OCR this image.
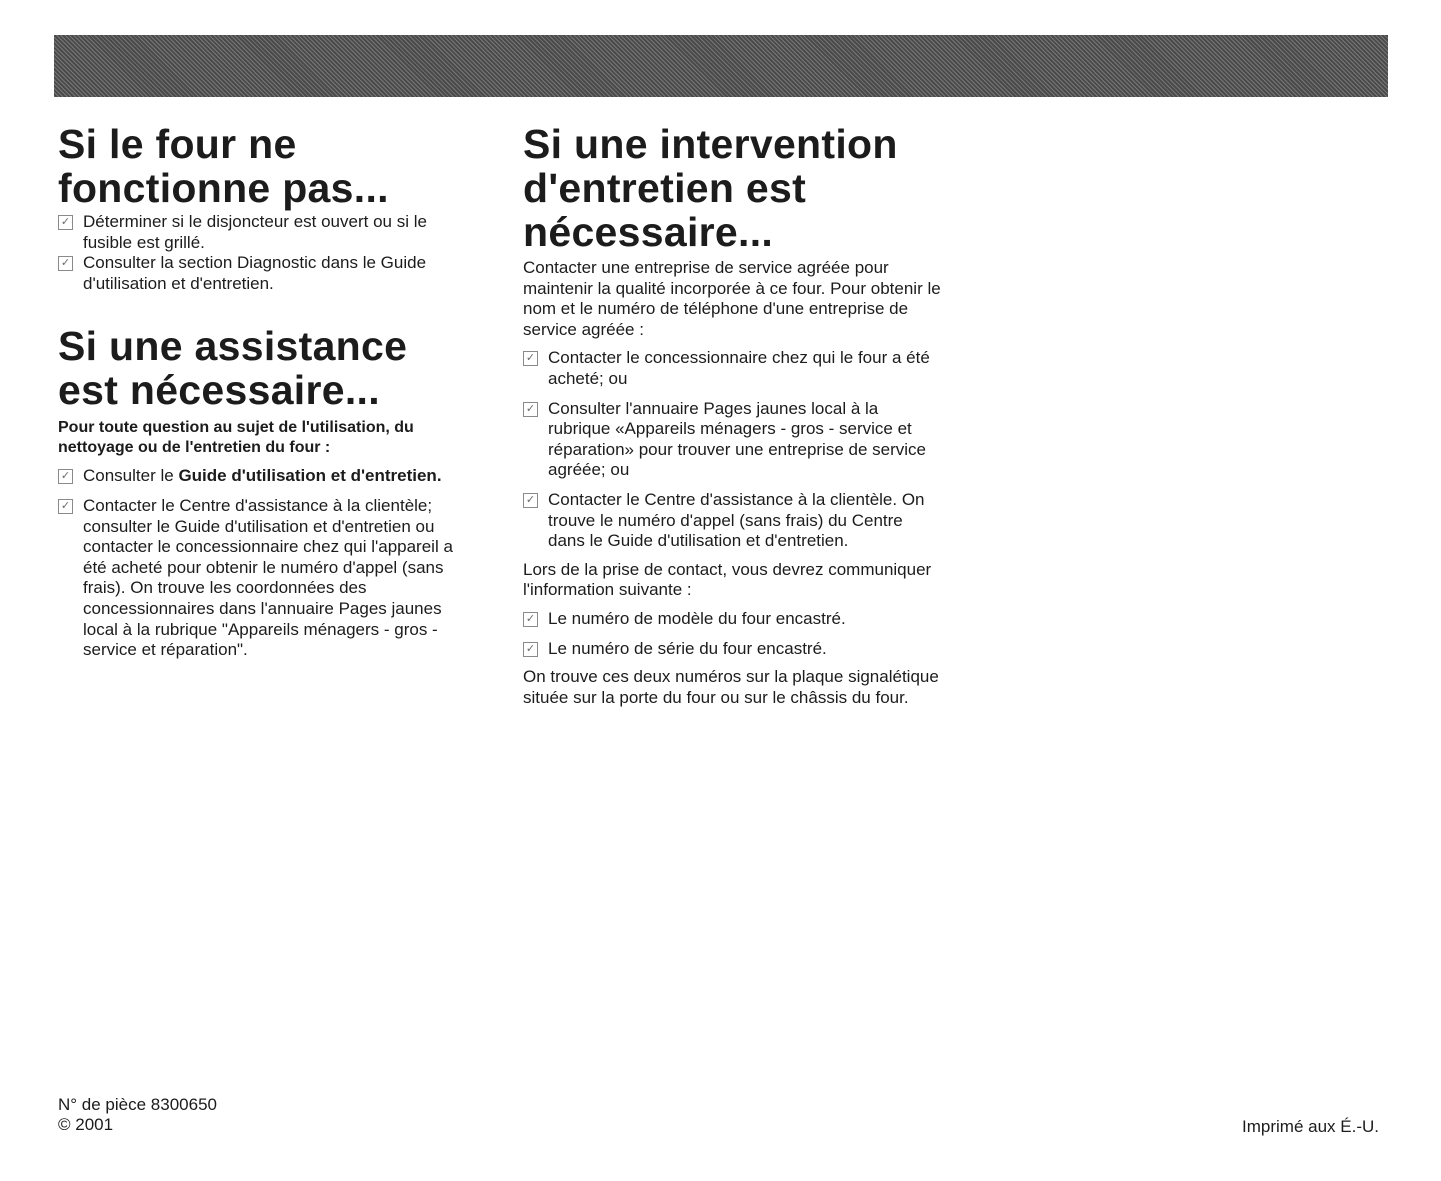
Si le four ne
fonctionne pas...
✓ Déterminer si le disjoncteur est ouvert ou si le fusible est grillé.
✓ Consulter la section Diagnostic dans le Guide d'utilisation et d'entretien.
Si une assistance
est nécessaire...

Pour toute question au sujet de l'utilisation, du nettoyage ou de l'entretien du four :

✓ Consulter le Guide d'utilisation et d'entretien.
✓ Contacter le Centre d'assistance à la clientèle; consulter le Guide d'utilisation et d'entretien ou contacter le concessionnaire chez qui l'appareil a été acheté pour obtenir le numéro d'appel (sans frais). On trouve les coordonnées des concessionnaires dans l'annuaire Pages jaunes local à la rubrique "Appareils ménagers - gros - service et réparation".
Si une intervention
d'entretien est
nécessaire...

Contacter une entreprise de service agréée pour maintenir la qualité incorporée à ce four. Pour obtenir le nom et le numéro de téléphone d'une entreprise de service agréée :

✓ Contacter le concessionnaire chez qui le four a été acheté; ou
✓ Consulter l'annuaire Pages jaunes local à la rubrique «Appareils ménagers - gros - service et réparation» pour trouver une entreprise de service agréée; ou
✓ Contacter le Centre d'assistance à la clientèle. On trouve le numéro d'appel (sans frais) du Centre dans le Guide d'utilisation et d'entretien.

Lors de la prise de contact, vous devrez communiquer l'information suivante :

✓ Le numéro de modèle du four encastré.
✓ Le numéro de série du four encastré.

On trouve ces deux numéros sur la plaque signalétique située sur la porte du four ou sur le châssis du four.

N° de pièce 8300650
© 2001	Imprimé aux É.-U.
